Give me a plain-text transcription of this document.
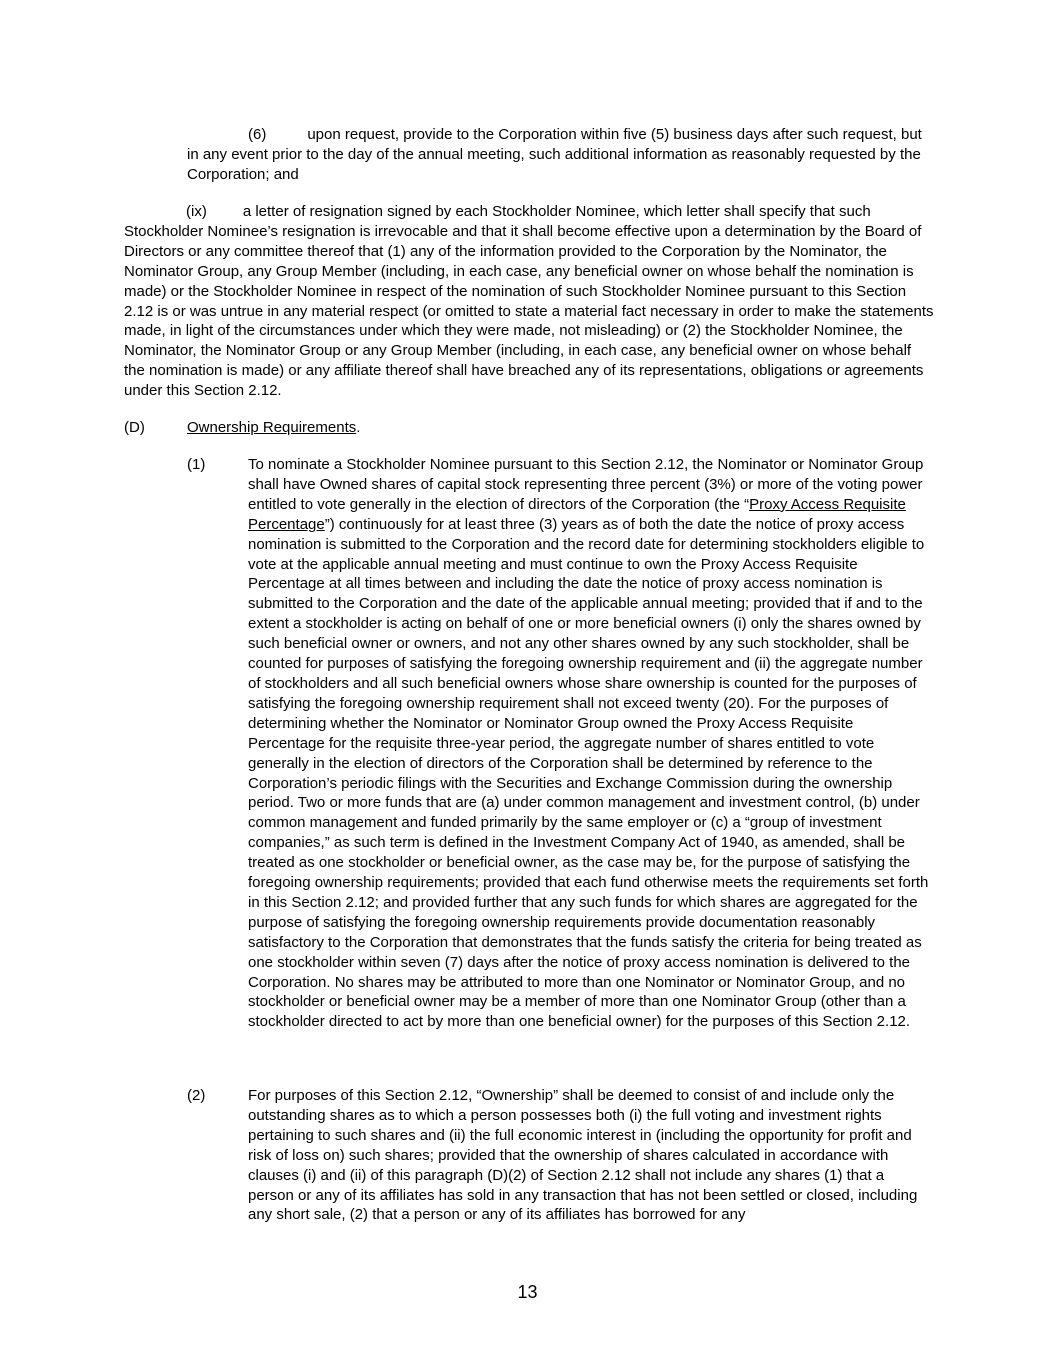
(6)	upon request, provide to the Corporation within five (5) business days after such request, but in any event prior to the day of the annual meeting, such additional information as reasonably requested by the Corporation; and

(ix) a letter of resignation signed by each Stockholder Nominee, which letter shall specify that such Stockholder Nominee’s resignation is irrevocable and that it shall become effective upon a determination by the Board of Directors or any committee thereof that (1) any of the information provided to the Corporation by the Nominator, the Nominator Group, any Group Member (including, in each case, any beneficial owner on whose behalf the nomination is made) or the Stockholder Nominee in respect of the nomination of such Stockholder Nominee pursuant to this Section 2.12 is or was untrue in any material respect (or omitted to state a material fact necessary in order to make the statements made, in light of the circumstances under which they were made, not misleading) or (2) the Stockholder Nominee, the Nominator, the Nominator Group or any Group Member (including, in each case, any beneficial owner on whose behalf the nomination is made) or any affiliate thereof shall have breached any of its representations, obligations or agreements under this Section 2.12.

(D)	Ownership Requirements.
(1)	To nominate a Stockholder Nominee pursuant to this Section 2.12, the Nominator or Nominator Group shall have Owned shares of capital stock representing three percent (3%) or more of the voting power entitled to vote generally in the election of directors of the Corporation (the “Proxy Access Requisite Percentage”) continuously for at least three (3) years as of both the date the notice of proxy access nomination is submitted to the Corporation and the record date for determining stockholders eligible to vote at the applicable annual meeting and must continue to own the Proxy Access Requisite Percentage at all times between and including the date the notice of proxy access nomination is submitted to the Corporation and the date of the applicable annual meeting; provided that if and to the extent a stockholder is acting on behalf of one or more beneficial owners (i) only the shares owned by such beneficial owner or owners, and not any other shares owned by any such stockholder, shall be counted for purposes of satisfying the foregoing ownership requirement and (ii) the aggregate number of stockholders and all such beneficial owners whose share ownership is counted for the purposes of satisfying the foregoing ownership requirement shall not exceed twenty (20). For the purposes of determining whether the Nominator or Nominator Group owned the Proxy Access Requisite Percentage for the requisite three-year period, the aggregate number of shares entitled to vote generally in the election of directors of the Corporation shall be determined by reference to the Corporation’s periodic filings with the Securities and Exchange Commission during the ownership period. Two or more funds that are (a) under common management and investment control, (b) under common management and funded primarily by the same employer or (c) a “group of investment companies,” as such term is defined in the Investment Company Act of 1940, as amended, shall be treated as one stockholder or beneficial owner, as the case may be, for the purpose of satisfying the foregoing ownership requirements; provided that each fund otherwise meets the requirements set forth in this Section 2.12; and provided further that any such funds for which shares are aggregated for the purpose of satisfying the foregoing ownership requirements provide documentation reasonably satisfactory to the Corporation that demonstrates that the funds satisfy the criteria for being treated as one stockholder within seven (7) days after the notice of proxy access nomination is delivered to the Corporation. No shares may be attributed to more than one Nominator or Nominator Group, and no stockholder or beneficial owner may be a member of more than one Nominator Group (other than a stockholder directed to act by more than one beneficial owner) for the purposes of this Section 2.12.

(2)	For purposes of this Section 2.12, “Ownership” shall be deemed to consist of and include only the outstanding shares as to which a person possesses both (i) the full voting and investment rights pertaining to such shares and (ii) the full economic interest in (including the opportunity for profit and risk of loss on) such shares; provided that the ownership of shares calculated in accordance with clauses (i) and (ii) of this paragraph (D)(2) of Section 2.12 shall not include any shares (1) that a person or any of its affiliates has sold in any transaction that has not been settled or closed, including any short sale, (2) that a person or any of its affiliates has borrowed for any

13
